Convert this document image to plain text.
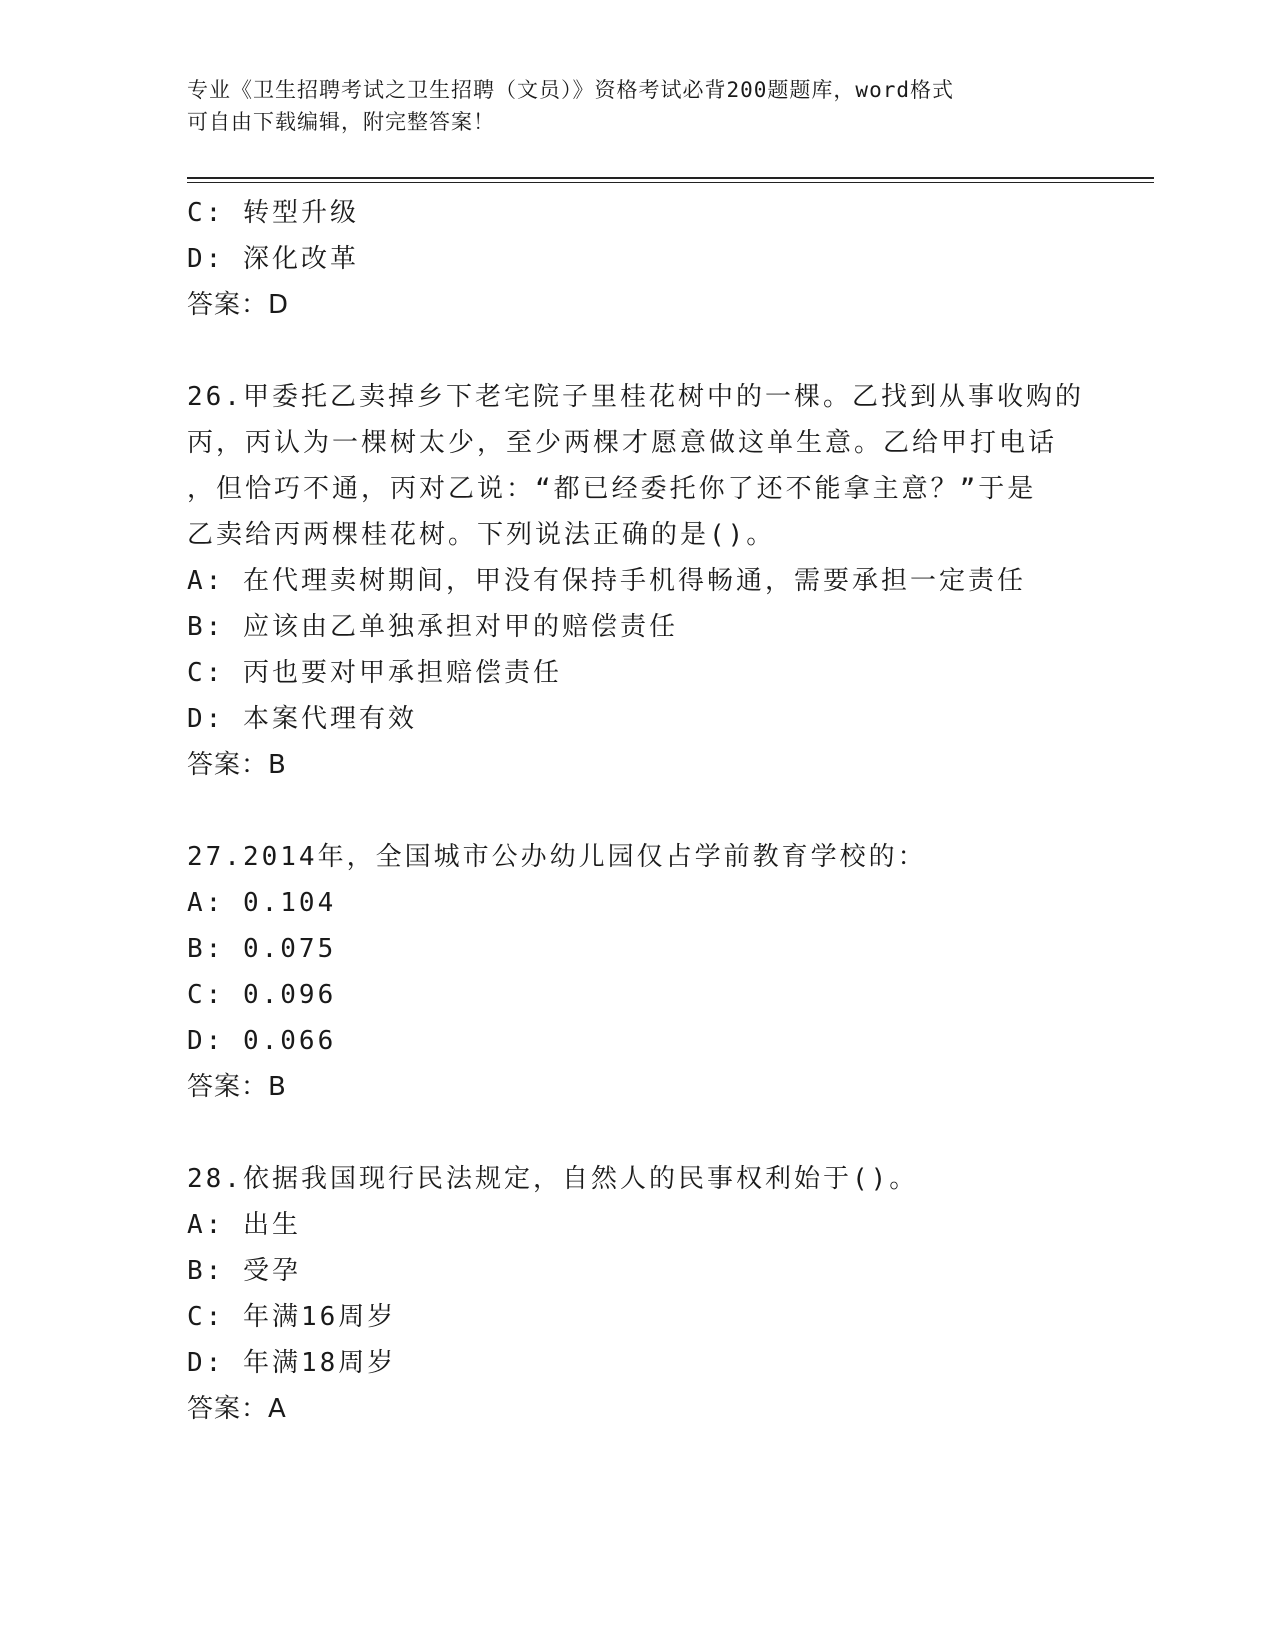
专业《卫生招聘考试之卫生招聘（文员）》资格考试必背200题题库，word格式
可自由下载编辑，附完整答案！
C: 转型升级
D: 深化改革
答案：D
26.甲委托乙卖掉乡下老宅院子里桂花树中的一棵。乙找到从事收购的
丙，丙认为一棵树太少，至少两棵才愿意做这单生意。乙给甲打电话
，但恰巧不通，丙对乙说：“都已经委托你了还不能拿主意？”于是
乙卖给丙两棵桂花树。下列说法正确的是()。
A: 在代理卖树期间，甲没有保持手机得畅通，需要承担一定责任
B: 应该由乙单独承担对甲的赔偿责任
C: 丙也要对甲承担赔偿责任
D: 本案代理有效
答案：B
27.2014年，全国城市公办幼儿园仅占学前教育学校的：
A: 0.104
B: 0.075
C: 0.096
D: 0.066
答案：B
28.依据我国现行民法规定，自然人的民事权利始于()。
A: 出生
B: 受孕
C: 年满16周岁
D: 年满18周岁
答案：A
